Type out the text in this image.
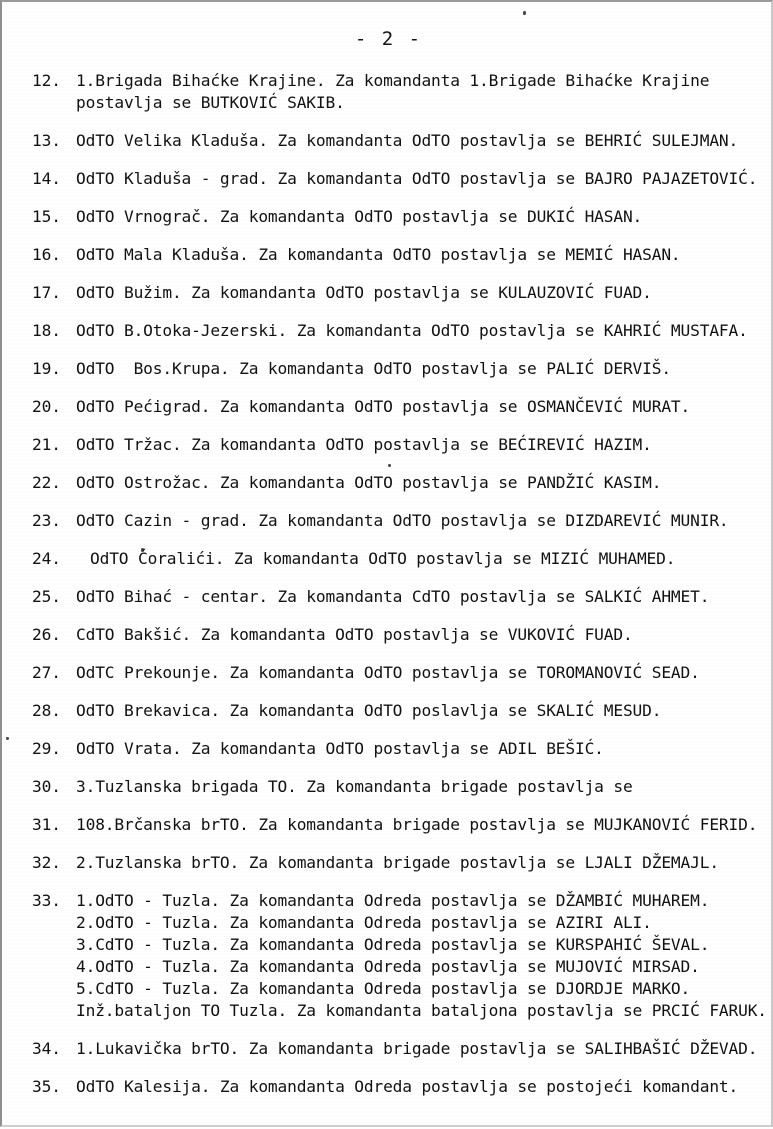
- 2 -
12. 1.Brigada Bihaćke Krajine. Za komandanta 1.Brigade Bihaćke Krajine
postavlja se BUTKOVIĆ SAKIB.
13. OdTO Velika Kladuša. Za komandanta OdTO postavlja se BEHRIĆ SULEJMAN.
14. OdTO Kladuša - grad. Za komandanta OdTO postavlja se BAJRO PAJAZETOVIĆ.
15. OdTO Vrnograč. Za komandanta OdTO postavlja se DUKIĆ HASAN.
16. OdTO Mala Kladuša. Za komandanta OdTO postavlja se MEMIĆ HASAN.
17. OdTO Bužim. Za komandanta OdTO postavlja se KULAUZOVIĆ FUAD.
18. OdTO B.Otoka-Jezerski. Za komandanta OdTO postavlja se KAHRIĆ MUSTAFA.
19. OdTO  Bos.Krupa. Za komandanta OdTO postavlja se PALIĆ DERVIŠ.
20. OdTO Pećigrad. Za komandanta OdTO postavlja se OSMANČEVIĆ MURAT.
21. OdTO Tržac. Za komandanta OdTO postavlja se BEĆIREVIĆ HAZIM.
22. OdTO Ostrožac. Za komandanta OdTO postavlja se PANDŽIĆ KASIM.
23. OdTO Cazin - grad. Za komandanta OdTO postavlja se DIZDAREVIĆ MUNIR.
24.	OdTO Ćoralići. Za komandanta OdTO postavlja se MIZIĆ MUHAMED.
25. OdTO Bihać - centar. Za komandanta CdTO postavlja se SALKIĆ AHMET.
26. CdTO Bakšić. Za komandanta OdTO postavlja se VUKOVIĆ FUAD.
27. OdTC Prekounje. Za komandanta OdTO postavlja se TOROMANOVIĆ SEAD.
28. OdTO Brekavica. Za komandanta OdTO poslavlja se SKALIĆ MESUD.
29. OdTO Vrata. Za komandanta OdTO postavlja se ADIL BEŠIĆ.
30. 3.Tuzlanska brigada TO. Za komandanta brigade postavlja se
31. 108.Brčanska brTO. Za komandanta brigade postavlja se MUJKANOVIĆ FERID.
32. 2.Tuzlanska brTO. Za komandanta brigade postavlja se LJALI DŽEMAJL.
33. 1.OdTO - Tuzla. Za komandanta Odreda postavlja se DŽAMBIĆ MUHAREM.
2.OdTO - Tuzla. Za komandanta Odreda postavlja se AZIRI ALI.
3.CdTO - Tuzla. Za komandanta Odreda postavlja se KURSPAHIĆ ŠEVAL.
4.OdTO - Tuzla. Za komandanta Odreda postavlja se MUJOVIĆ MIRSAD.
5.CdTO - Tuzla. Za komandanta Odreda postavlja se DJORDJE MARKO.
Inž.bataljon TO Tuzla. Za komandanta bataljona postavlja se PRCIĆ FARUK.
34. 1.Lukavička brTO. Za komandanta brigade postavlja se SALIHBAŠIĆ DŽEVAD.
35. OdTO Kalesija. Za komandanta Odreda postavlja se postojeći komandant.
